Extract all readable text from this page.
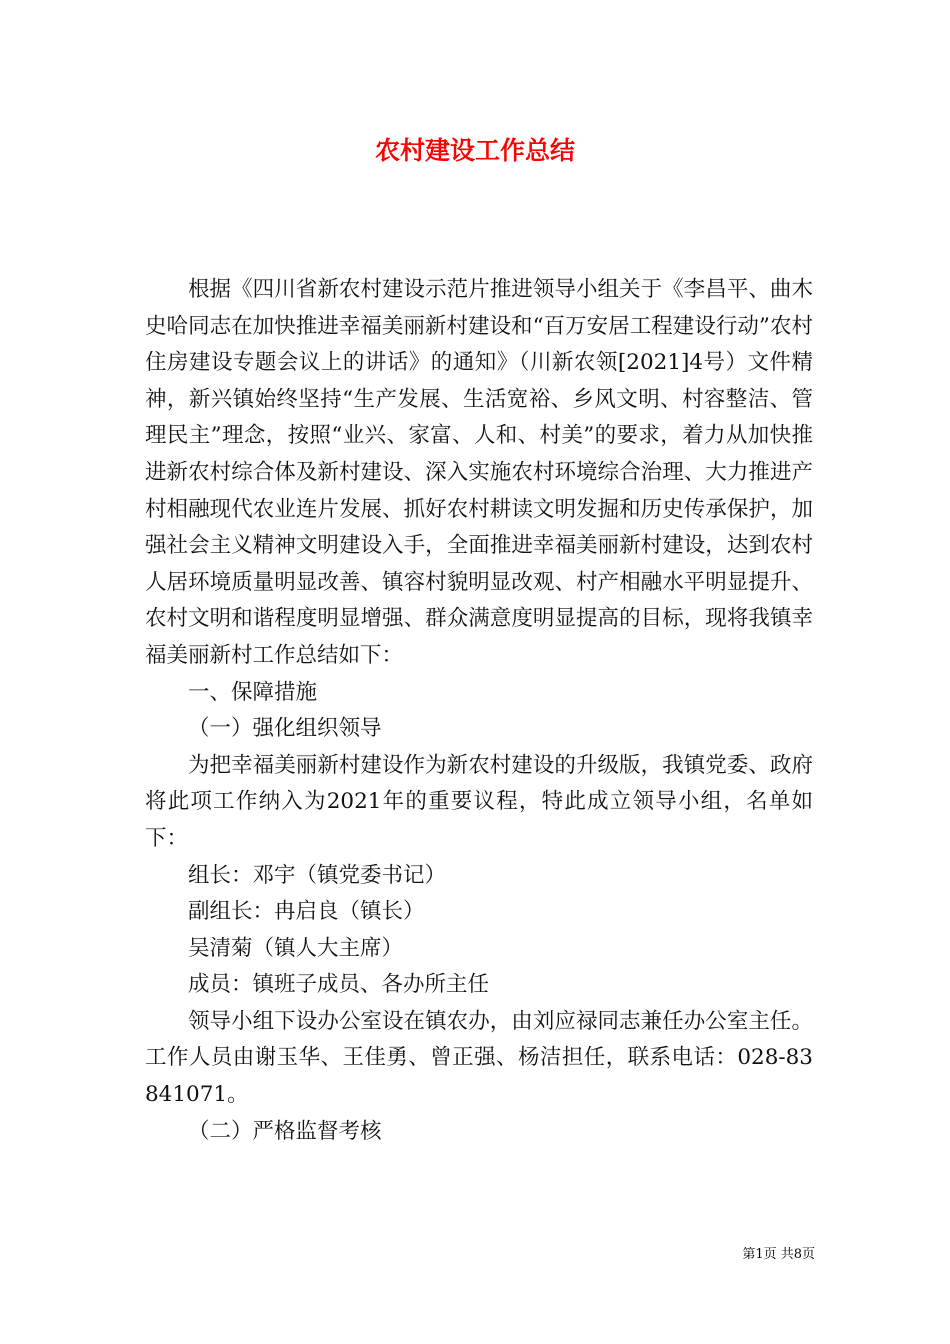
农村建设工作总结

根据《四川省新农村建设示范片推进领导小组关于《李昌平、曲木史哈同志在加快推进幸福美丽新村建设和“百万安居工程建设行动”农村住房建设专题会议上的讲话》的通知》（川新农领[2021]4号）文件精神，新兴镇始终坚持“生产发展、生活宽裕、乡风文明、村容整洁、管理民主”理念，按照“业兴、家富、人和、村美”的要求，着力从加快推进新农村综合体及新村建设、深入实施农村环境综合治理、大力推进产村相融现代农业连片发展、抓好农村耕读文明发掘和历史传承保护，加强社会主义精神文明建设入手，全面推进幸福美丽新村建设，达到农村人居环境质量明显改善、镇容村貌明显改观、村产相融水平明显提升、农村文明和谐程度明显增强、群众满意度明显提高的目标，现将我镇幸福美丽新村工作总结如下：

一、保障措施

（一）强化组织领导

为把幸福美丽新村建设作为新农村建设的升级版，我镇党委、政府将此项工作纳入为2021年的重要议程，特此成立领导小组，名单如下：

组长：邓宇（镇党委书记）

副组长：冉启良（镇长）

吴清菊（镇人大主席）

成员：镇班子成员、各办所主任

领导小组下设办公室设在镇农办，由刘应禄同志兼任办公室主任。工作人员由谢玉华、王佳勇、曾正强、杨洁担任，联系电话：028-83841071。

（二）严格监督考核

第1页 共8页
